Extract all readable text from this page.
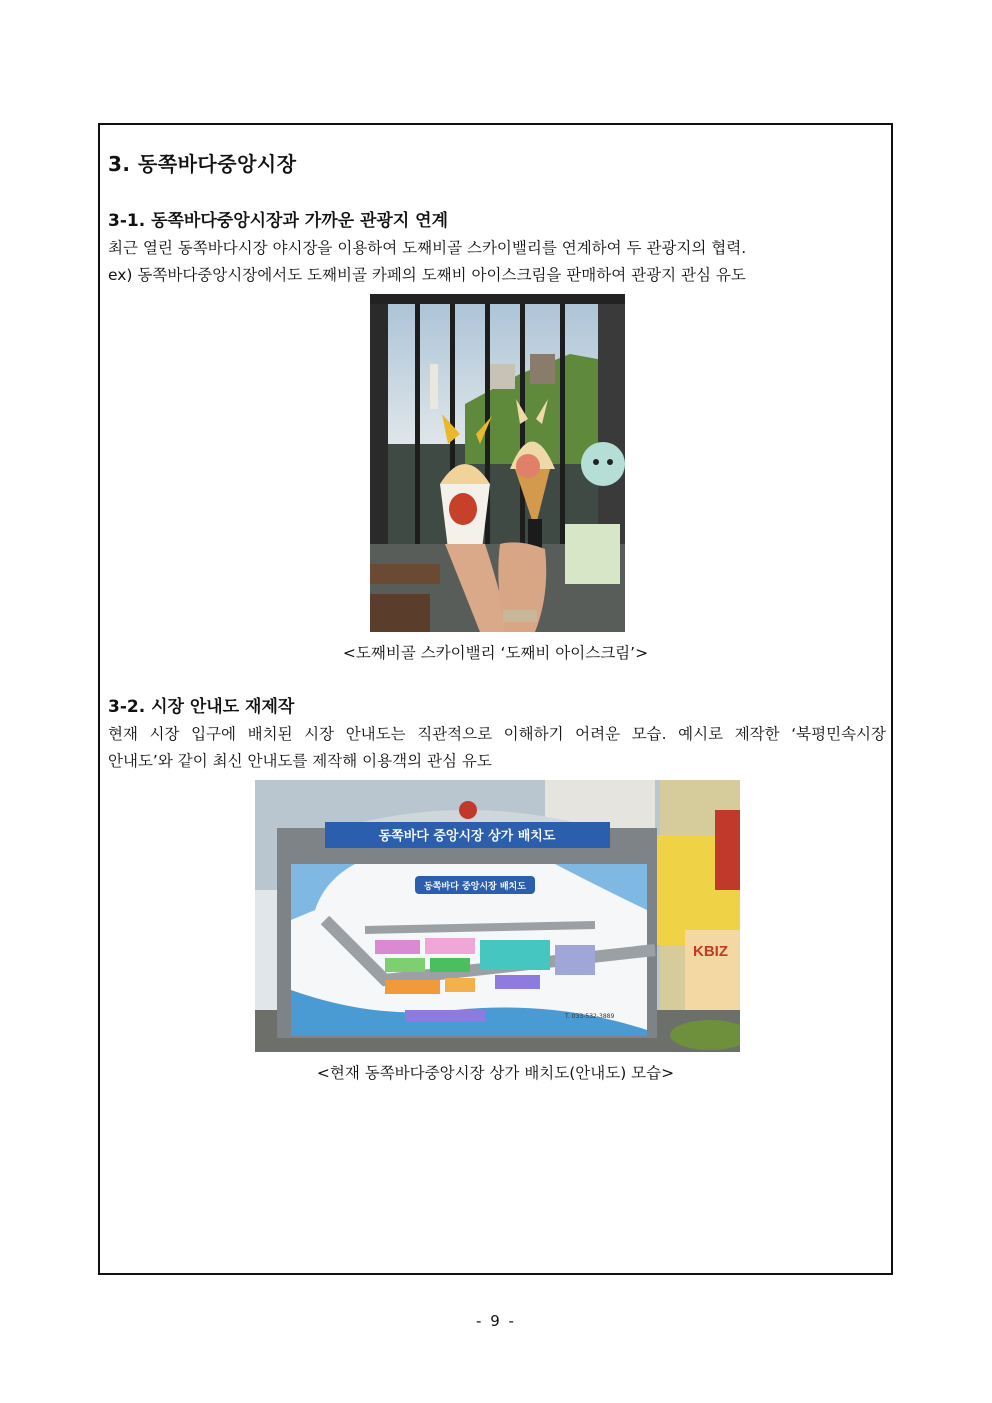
3. 동쪽바다중앙시장
3-1. 동쪽바다중앙시장과 가까운 관광지 연계
최근 열린 동쪽바다시장 야시장을 이용하여 도째비골 스카이밸리를 연계하여 두 관광지의 협력.
ex) 동쪽바다중앙시장에서도 도째비골 카페의 도째비 아이스크림을 판매하여 관광지 관심 유도
<도째비골 스카이밸리 ‘도째비 아이스크림’>
3-2. 시장 안내도 재제작
현재 시장 입구에 배치된 시장 안내도는 직관적으로 이해하기 어려운 모습. 예시로 제작한 ‘북평민속시장
안내도’와 같이 최신 안내도를 제작해 이용객의 관심 유도
KBIZ
동쪽바다 중앙시장 상가 배치도
동쪽바다 중앙시장 배치도
T. 033-532-3889
<현재 동쪽바다중앙시장 상가 배치도(안내도) 모습>
- 9 -
